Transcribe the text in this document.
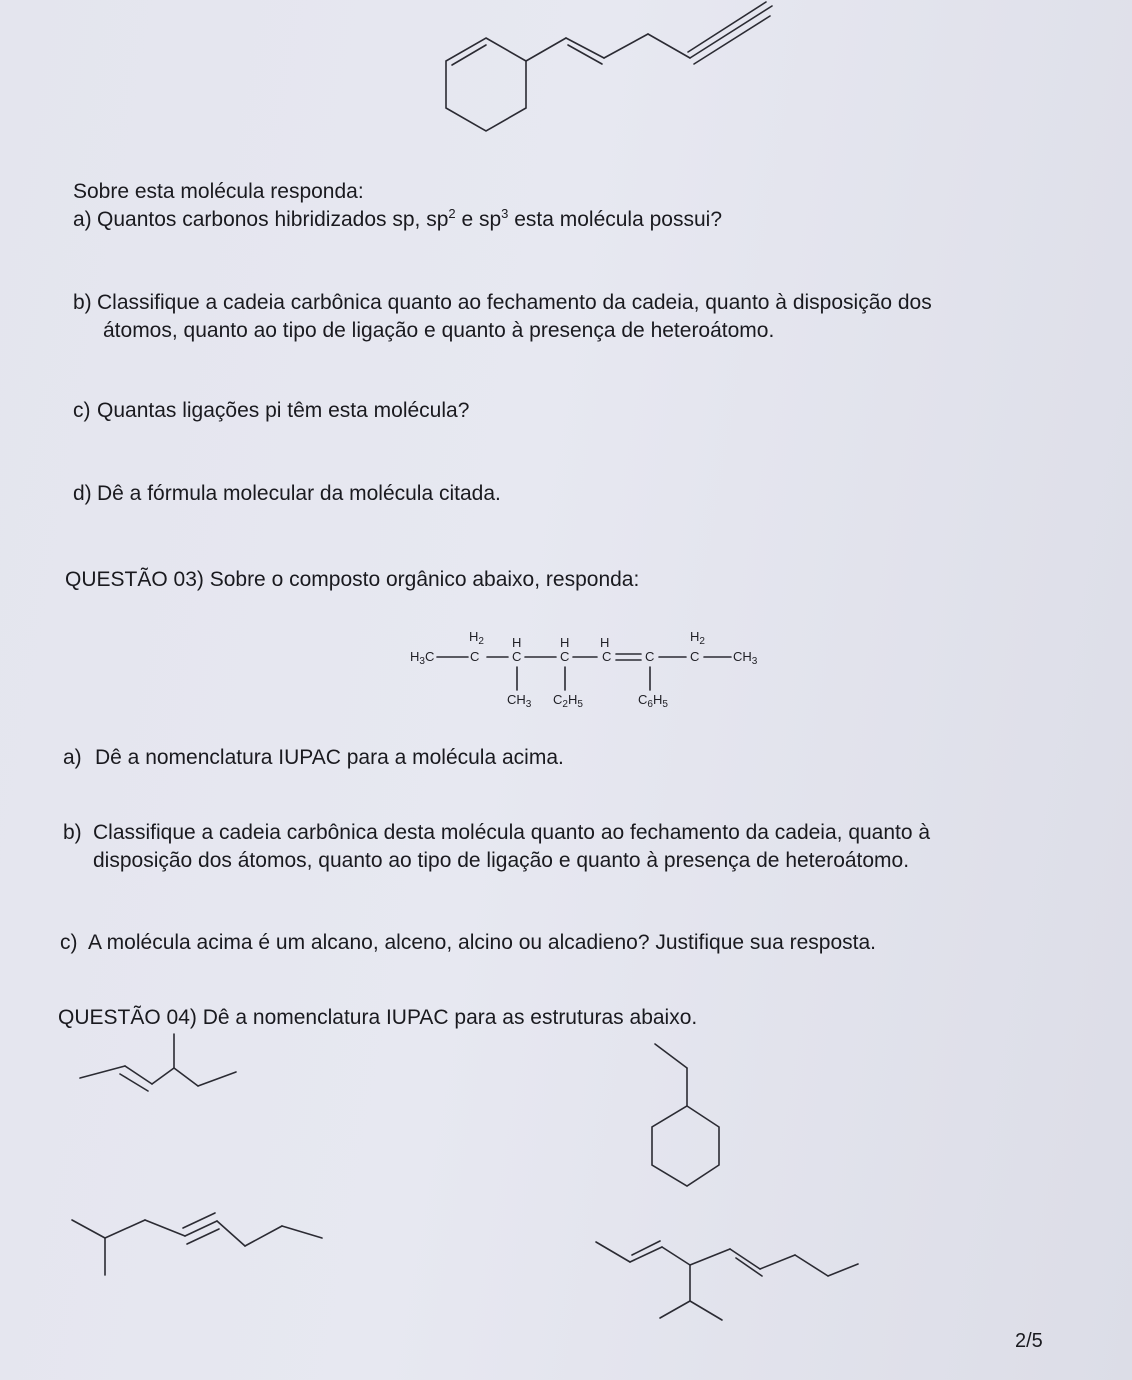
Sobre esta molécula responda:
a) Quantos carbonos hibridizados sp, $sp^2$ e $sp^3$ esta molécula possui?
b) Classifique a cadeia carbônica quanto ao fechamento da cadeia, quanto à disposição dos
átomos, quanto ao tipo de ligação e quanto à presença de heteroátomo.
c) Quantas ligações pi têm esta molécula?
d) Dê a fórmula molecular da molécula citada.
QUESTÃO 03) Sobre o composto orgânico abaixo, responda:
$H_3C$
$H_2$
C
H
C
H
C
H
C	C
$H_2$
C	$CH_3$
$CH_3$ $C_2H_5$	$C_6H_5$
a) Dê a nomenclatura IUPAC para a molécula acima.
b) Classifique a cadeia carbônica desta molécula quanto ao fechamento da cadeia, quanto à
disposição dos átomos, quanto ao tipo de ligação e quanto à presença de heteroátomo.
c) A molécula acima é um alcano, alceno, alcino ou alcadieno? Justifique sua resposta.
QUESTÃO 04) Dê a nomenclatura IUPAC para as estruturas abaixo.
2/5
